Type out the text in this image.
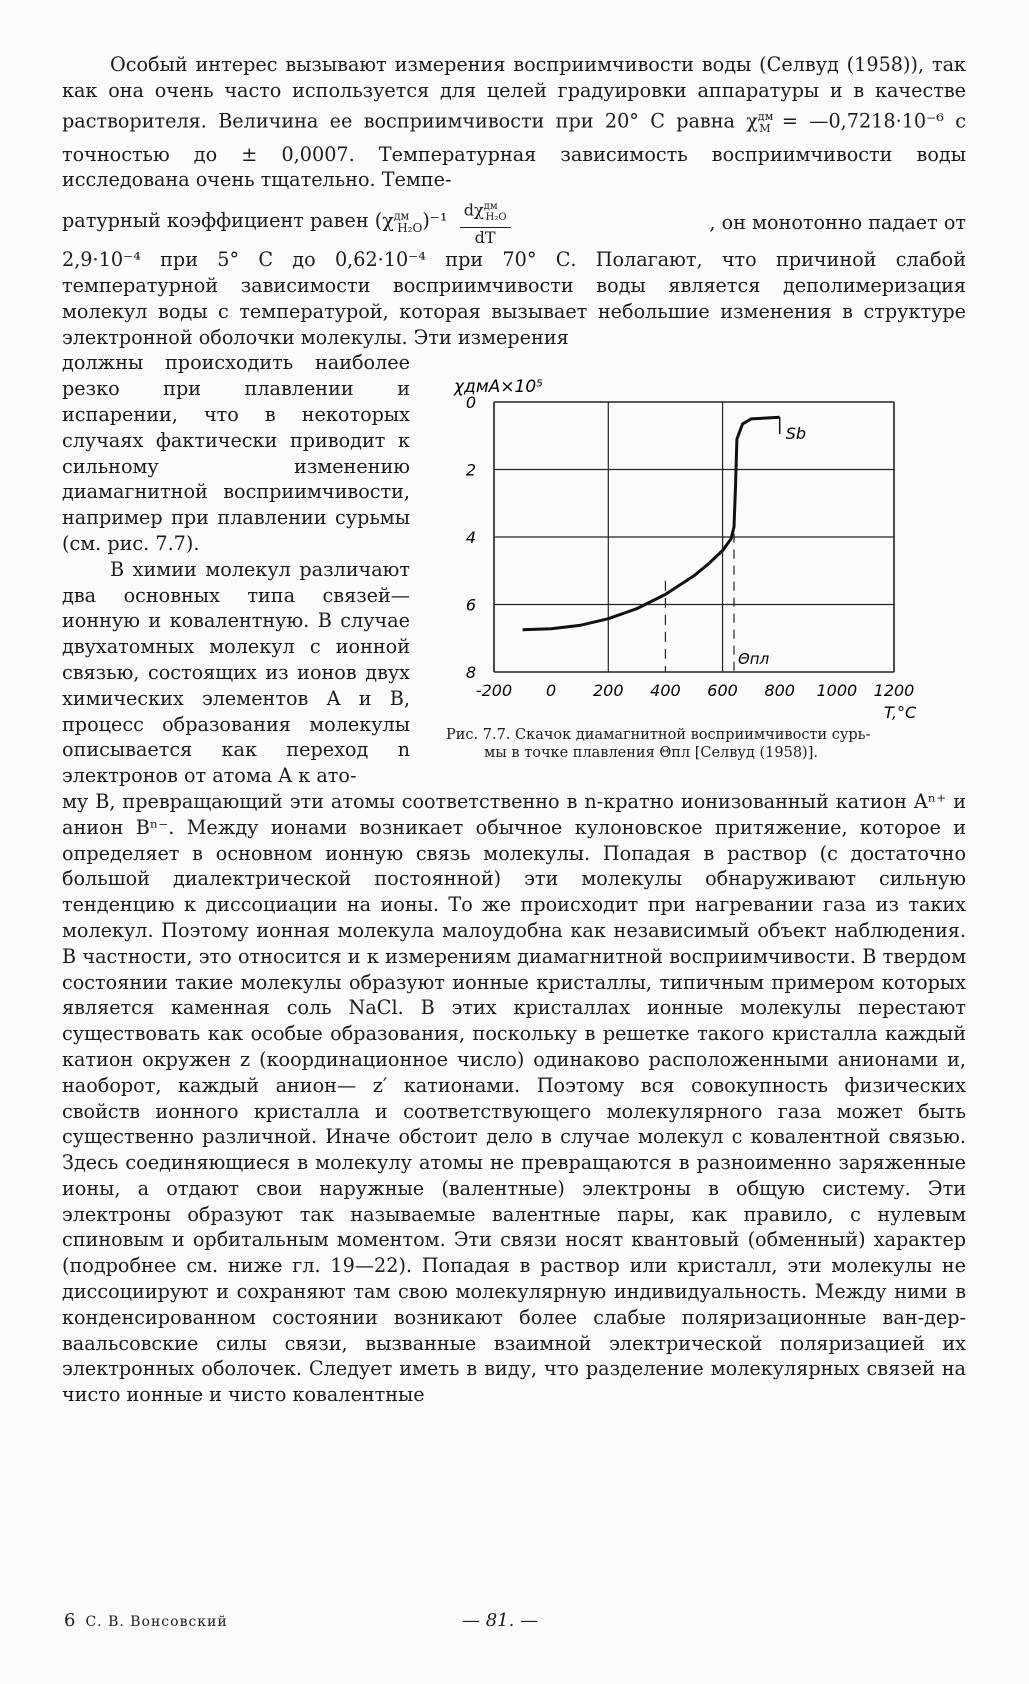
Особый интерес вызывают измерения восприимчивости воды (Селвуд (1958)), так как она очень часто используется для целей градуировки аппаратуры и в качестве растворителя. Величина ее восприимчивости при 20° С равна $\chi^{дм}_M$ = —0,7218·10⁻⁶ с точностью до ± 0,0007. Температурная зависимость восприимчивости воды исследована очень тщательно. Темпе-

ратурный коэффициент равен $(\chi^{дм}_{H_2O})^{-1} \frac{d\chi^{дм}_{H_2O}}{dT}$	, он монотонно падает от

2,9·10⁻⁴ при 5° С до 0,62·10⁻⁴ при 70° С. Полагают, что причиной слабой температурной зависимости восприимчивости воды является деполимеризация молекул воды с температурой, которая вызывает небольшие изменения в структуре электронной оболочки молекулы. Эти измерения

должны происходить наиболее резко при плавлении и испарении, что в некоторых случаях фактически приводит к сильному изменению диамагнитной восприимчивости, например при плавлении сурьмы (см. рис. 7.7).

В химии молекул различают два основных типа связей—ионную и ковалентную. В случае двухатомных молекул с ионной связью, состоящих из ионов двух химических элементов A и B, процесс образования молекулы описывается как переход n электронов от атома A к ато-

0
2
4
6
8
-200 0 200 400 600 800 1000 1200
χдмA×10⁵
T,°C
Sb
Θпл
Рис. 7.7. Скачок диамагнитной восприимчивости сурь-
мы в точке плавления Θпл [Селвуд (1958)].

му B, превращающий эти атомы соответственно в n-кратно ионизованный катион Aⁿ⁺ и анион Bⁿ⁻. Между ионами возникает обычное кулоновское притяжение, которое и определяет в основном ионную связь молекулы. Попадая в раствор (с достаточно большой диалектрической постоянной) эти молекулы обнаруживают сильную тенденцию к диссоциации на ионы. То же происходит при нагревании газа из таких молекул. Поэтому ионная молекула малоудобна как независимый объект наблюдения. В частности, это относится и к измерениям диамагнитной восприимчивости. В твердом состоянии такие молекулы образуют ионные кристаллы, типичным примером которых является каменная соль NaCl. В этих кристаллах ионные молекулы перестают существовать как особые образования, поскольку в решетке такого кристалла каждый катион окружен z (координационное число) одинаково расположенными анионами и, наоборот, каждый анион— z′ катионами. Поэтому вся совокупность физических свойств ионного кристалла и соответствующего молекулярного газа может быть существенно различной. Иначе обстоит дело в случае молекул с ковалентной связью. Здесь соединяющиеся в молекулу атомы не превращаются в разноименно заряженные ионы, а отдают свои наружные (валентные) электроны в общую систему. Эти электроны образуют так называемые валентные пары, как правило, с нулевым спиновым и орбитальным моментом. Эти связи носят квантовый (обменный) характер (подробнее см. ниже гл. 19—22). Попадая в раствор или кристалл, эти молекулы не диссоциируют и сохраняют там свою молекулярную индивидуальность. Между ними в конденсированном состоянии возникают более слабые поляризационные ван-дер-ваальсовские силы связи, вызванные взаимной электрической поляризацией их электронных оболочек. Следует иметь в виду, что разделение молекулярных связей на чисто ионные и чисто ковалентные

6 С. В. Вонсовский	— 81. —
